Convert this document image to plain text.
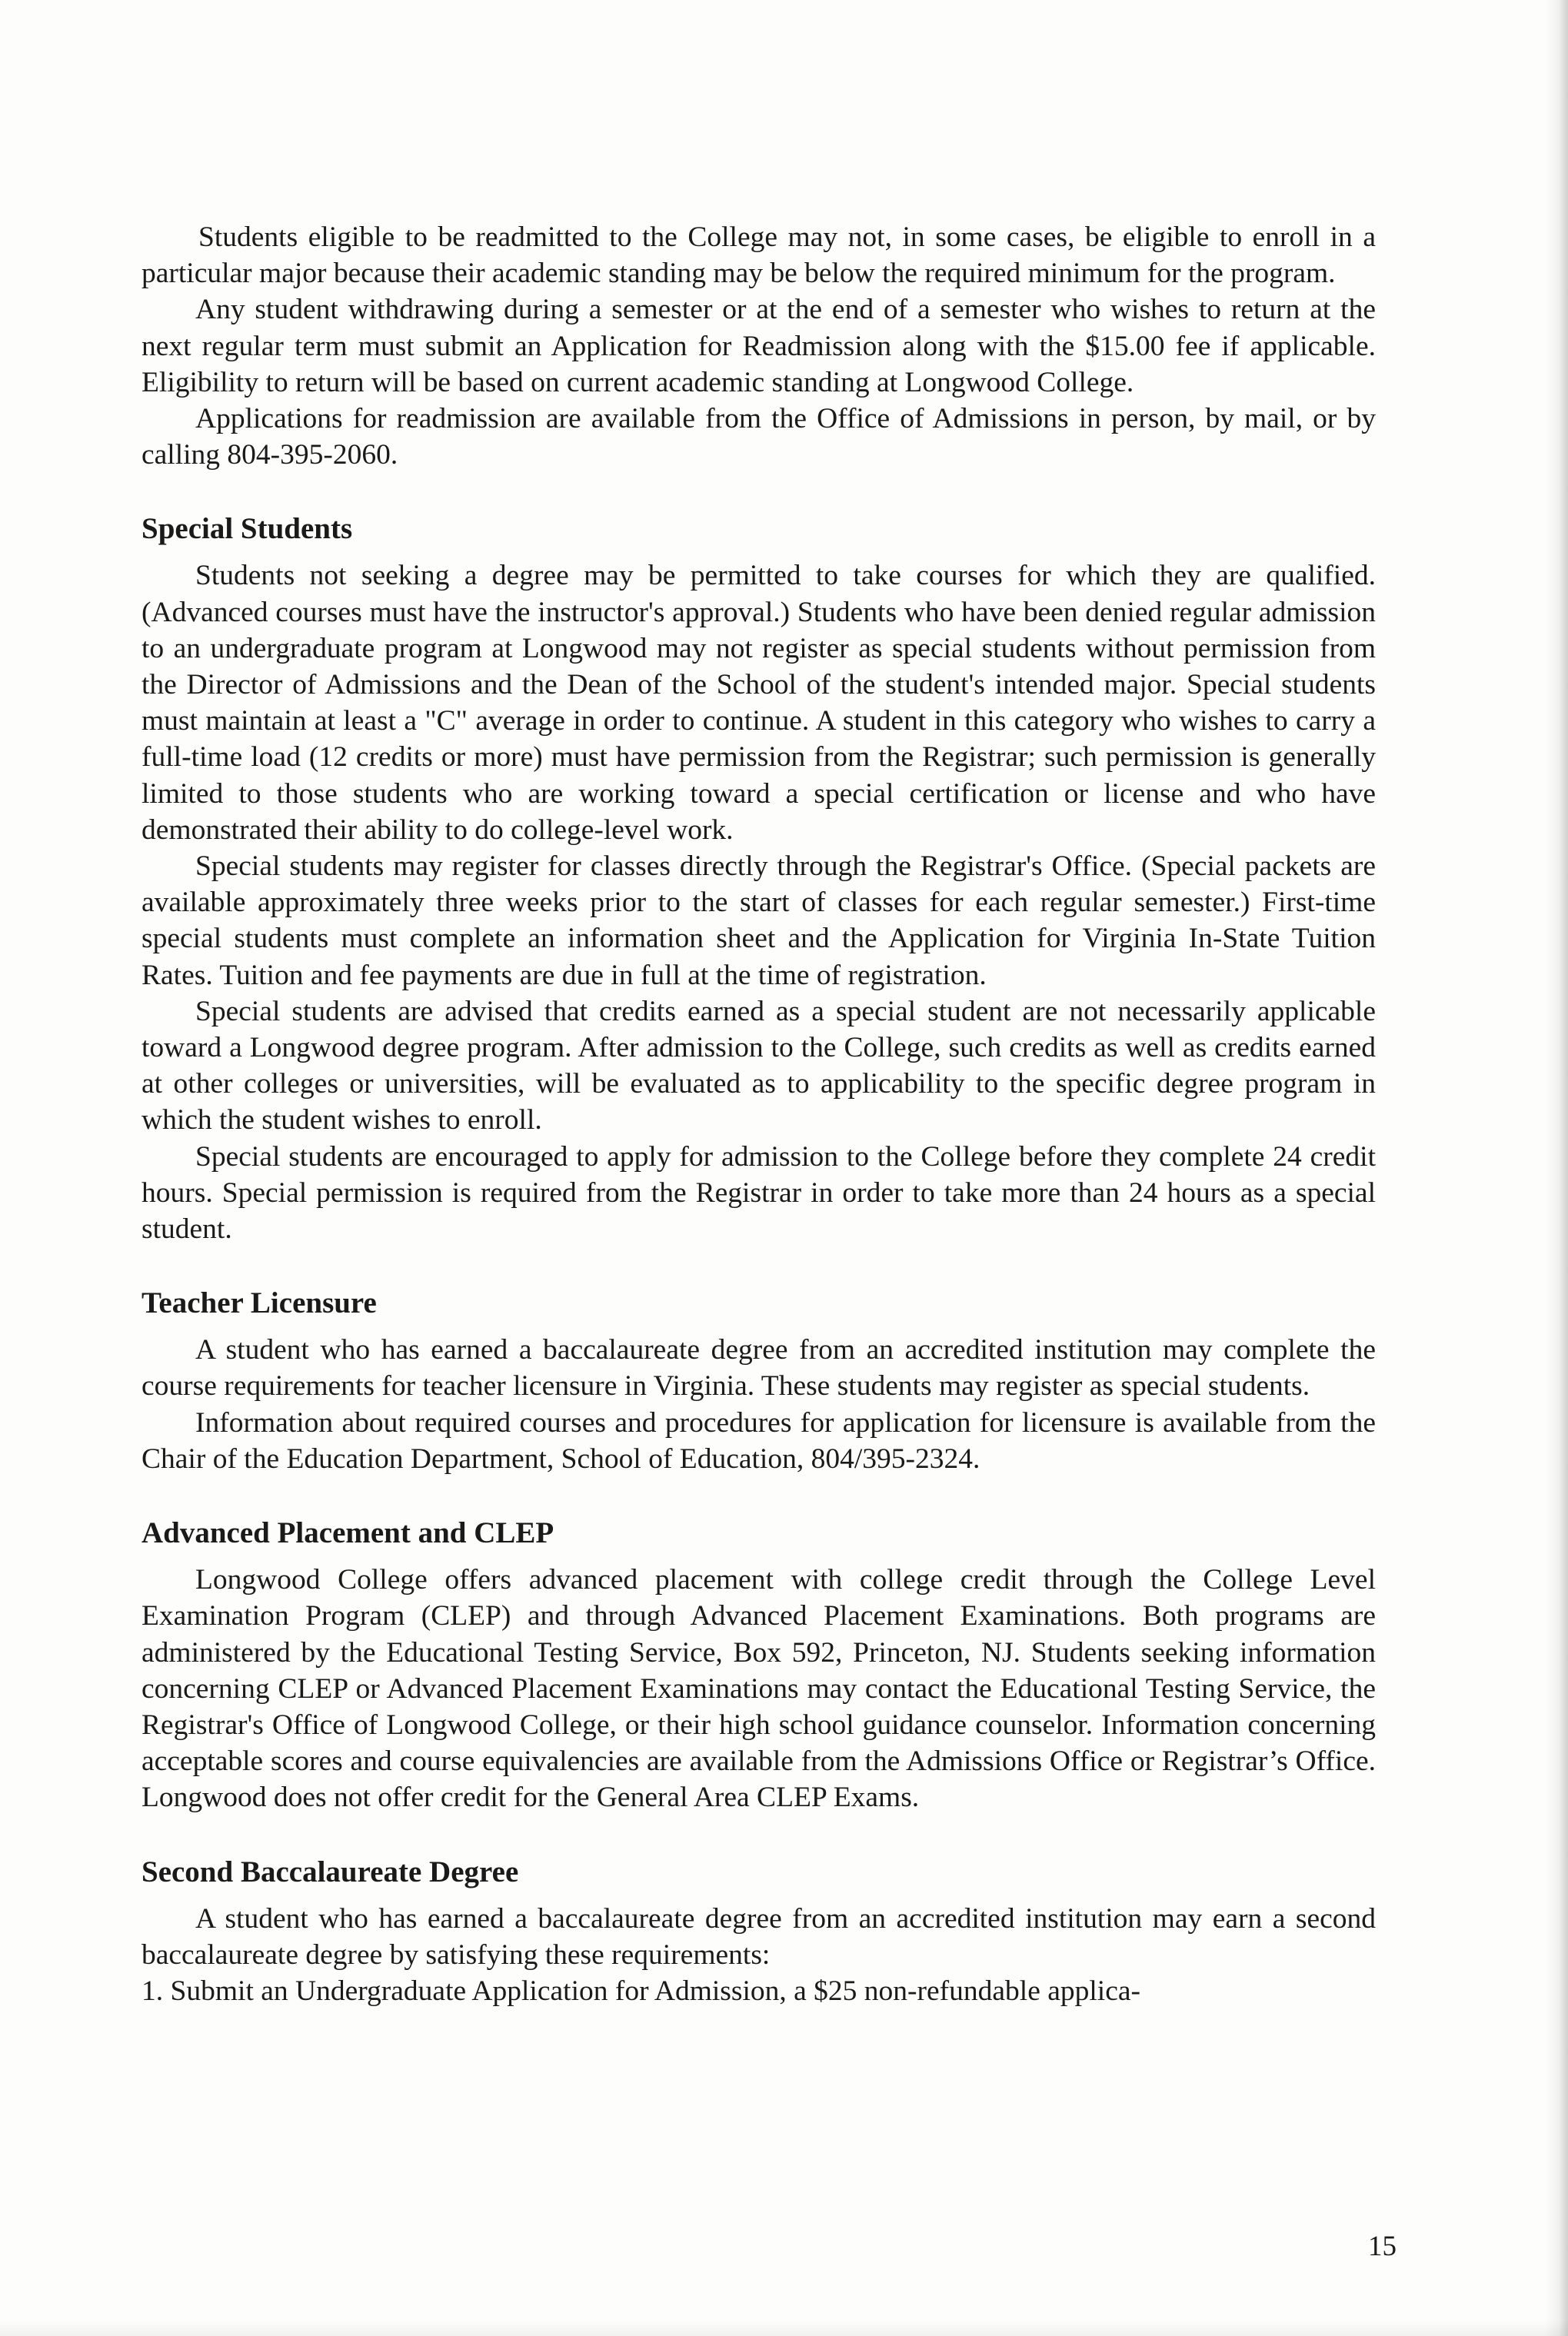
Students eligible to be readmitted to the College may not, in some cases, be eligible to enroll in a particular major because their academic standing may be below the required minimum for the program.

Any student withdrawing during a semester or at the end of a semester who wishes to return at the next regular term must submit an Application for Readmission along with the $15.00 fee if applicable. Eligibility to return will be based on current academic standing at Longwood College.

Applications for readmission are available from the Office of Admissions in person, by mail, or by calling 804-395-2060.

Special Students

Students not seeking a degree may be permitted to take courses for which they are qualified. (Advanced courses must have the instructor's approval.) Students who have been denied regular admission to an undergraduate program at Longwood may not register as special students without permission from the Director of Admissions and the Dean of the School of the student's intended major. Special students must maintain at least a "C" average in order to continue. A student in this category who wishes to carry a full-time load (12 credits or more) must have permission from the Registrar; such permission is generally limited to those students who are working toward a special certification or license and who have demonstrated their ability to do college-level work.

Special students may register for classes directly through the Registrar's Office. (Special packets are available approximately three weeks prior to the start of classes for each regular semester.) First-time special students must complete an information sheet and the Application for Virginia In-State Tuition Rates. Tuition and fee payments are due in full at the time of registration.

Special students are advised that credits earned as a special student are not necessarily applicable toward a Longwood degree program. After admission to the College, such credits as well as credits earned at other colleges or universities, will be evaluated as to applicability to the specific degree program in which the student wishes to enroll.

Special students are encouraged to apply for admission to the College before they complete 24 credit hours. Special permission is required from the Registrar in order to take more than 24 hours as a special student.

Teacher Licensure

A student who has earned a baccalaureate degree from an accredited institution may complete the course requirements for teacher licensure in Virginia. These students may register as special students.

Information about required courses and procedures for application for licensure is available from the Chair of the Education Department, School of Education, 804/395-2324.

Advanced Placement and CLEP

Longwood College offers advanced placement with college credit through the College Level Examination Program (CLEP) and through Advanced Placement Examinations. Both programs are administered by the Educational Testing Service, Box 592, Princeton, NJ. Students seeking information concerning CLEP or Advanced Placement Examinations may contact the Educational Testing Service, the Registrar's Office of Longwood College, or their high school guidance counselor. Information concerning acceptable scores and course equivalencies are available from the Admissions Office or Registrar’s Office. Longwood does not offer credit for the General Area CLEP Exams.

Second Baccalaureate Degree

A student who has earned a baccalaureate degree from an accredited institution may earn a second baccalaureate degree by satisfying these requirements:

1. Submit an Undergraduate Application for Admission, a $25 non-refundable applica-

15
